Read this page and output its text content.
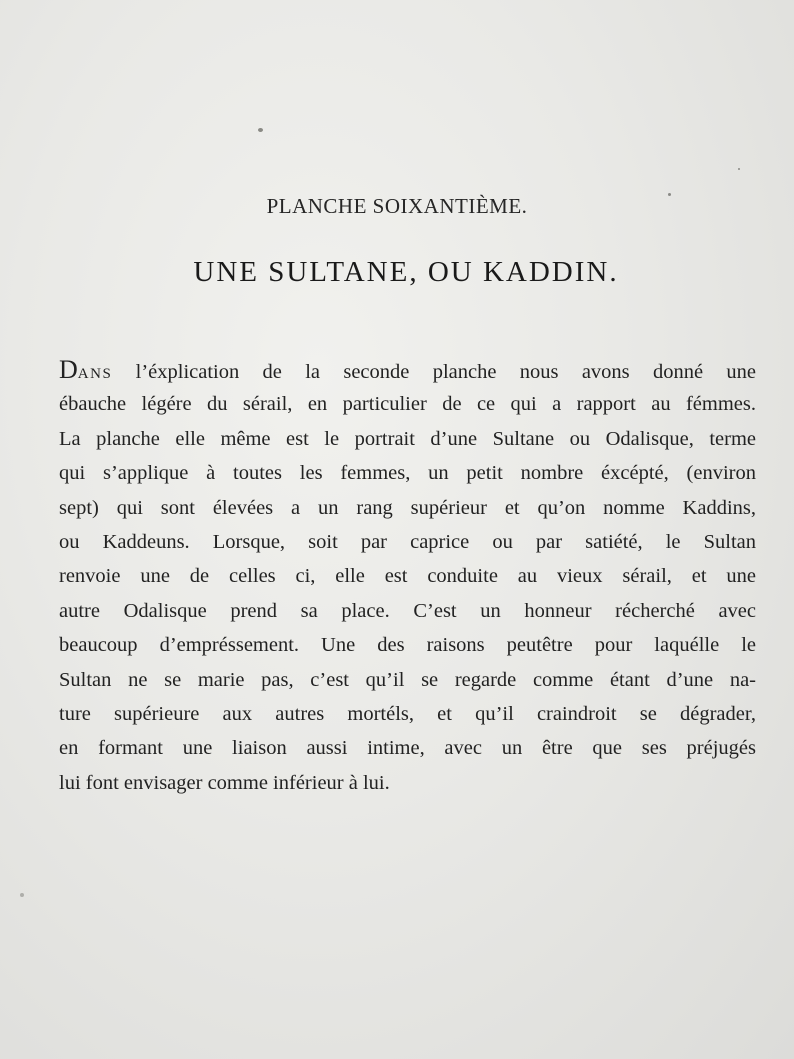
PLANCHE SOIXANTIÈME.
UNE SULTANE, OU KADDIN.
DANS l’éxplication de la seconde planche nous avons donné une
ébauche légére du sérail, en particulier de ce qui a rapport au fémmes.
La planche elle même est le portrait d’une Sultane ou Odalisque, terme
qui s’applique à toutes les femmes, un petit nombre éxcépté, (environ
sept) qui sont élevées a un rang supérieur et qu’on nomme Kaddins,
ou Kaddeuns. Lorsque, soit par caprice ou par satiété, le Sultan
renvoie une de celles ci, elle est conduite au vieux sérail, et une
autre Odalisque prend sa place. C’est un honneur récherché avec
beaucoup d’empréssement. Une des raisons peutêtre pour laquélle le
Sultan ne se marie pas, c’est qu’il se regarde comme étant d’une na-
ture supérieure aux autres mortéls, et qu’il craindroit se dégrader,
en formant une liaison aussi intime, avec un être que ses préjugés
lui font envisager comme inférieur à lui.
